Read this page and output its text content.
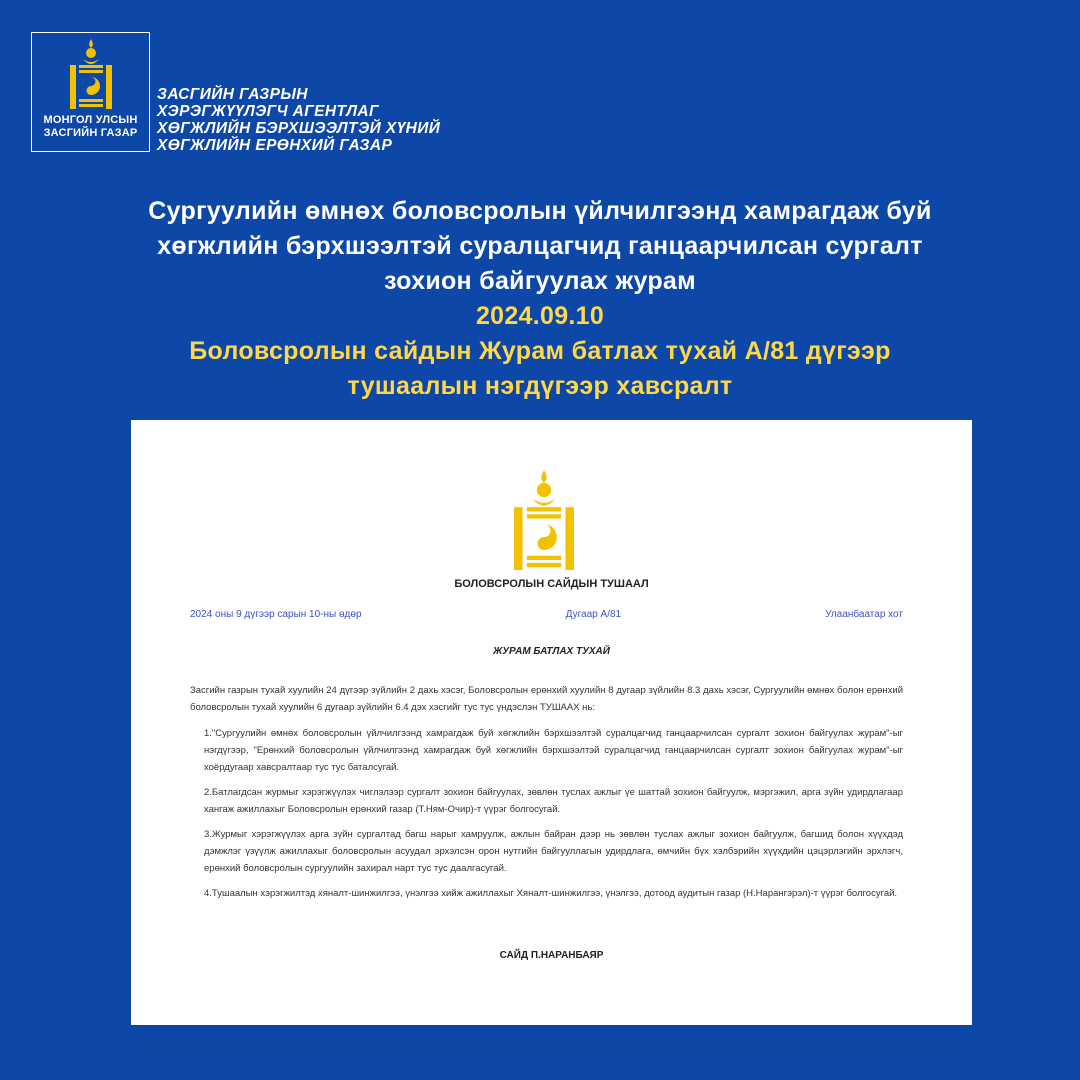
МОНГОЛ УЛСЫН
ЗАСГИЙН ГАЗАР
ЗАСГИЙН ГАЗРЫН
ХЭРЭГЖҮҮЛЭГЧ АГЕНТЛАГ
ХӨГЖЛИЙН БЭРХШЭЭЛТЭЙ ХҮНИЙ
ХӨГЖЛИЙН ЕРӨНХИЙ ГАЗАР
Сургуулийн өмнөх боловсролын үйлчилгээнд хамрагдаж буй
хөгжлийн бэрхшээлтэй суралцагчид ганцаарчилсан сургалт
зохион байгуулах журам
2024.09.10
Боловсролын сайдын Журам батлах тухай А/81 дүгээр
тушаалын нэгдүгээр хавсралт
БОЛОВСРОЛЫН САЙДЫН ТУШААЛ
2024 оны 9 дүгээр сарын 10-ны өдөр	Дугаар А/81	Улаанбаатар хот
ЖУРАМ БАТЛАХ ТУХАЙ

Засгийн газрын тухай хуулийн 24 дүгээр зүйлийн 2 дахь хэсэг, Боловсролын ерөнхий хуулийн 8 дугаар зүйлийн 8.3 дахь хэсэг, Сургуулийн өмнөх болон ерөнхий боловсролын тухай хуулийн 6 дугаар зүйлийн 6.4 дэх хэсгийг тус тус үндэслэн ТУШААХ нь:

1."Сургуулийн өмнөх боловсролын үйлчилгээнд хамрагдаж буй хөгжлийн бэрхшээлтэй суралцагчид ганцаарчилсан сургалт зохион байгуулах журам"-ыг нэгдүгээр, "Ерөнхий боловсролын үйлчилгээнд хамрагдаж буй хөгжлийн бэрхшээлтэй суралцагчид ганцаарчилсан сургалт зохион байгуулах журам"-ыг хоёрдугаар хавсралтаар тус тус баталсугай.

2.Батлагдсан журмыг хэрэгжүүлэх чиглэлээр сургалт зохион байгуулах, зөвлөн туслах ажлыг үе шаттай зохион байгуулж, мэргэжил, арга зүйн удирдлагаар хангаж ажиллахыг Боловсролын ерөнхий газар (Т.Ням-Очир)-т үүрэг болгосугай.

3.Журмыг хэрэгжүүлэх арга зүйн сургалтад багш нарыг хамруулж, ажлын байран дээр нь зөвлөн туслах ажлыг зохион байгуулж, багшид болон хүүхдэд дэмжлэг үзүүлж ажиллахыг боловсролын асуудал эрхэлсэн орон нутгийн байгууллагын удирдлага, өмчийн бүх хэлбэрийн хүүхдийн цэцэрлэгийн эрхлэгч, ерөнхий боловсролын сургуулийн захирал нарт тус тус даалгасугай.

4.Тушаалын хэрэгжилтэд хяналт-шинжилгээ, үнэлгээ хийж ажиллахыг Хяналт-шинжилгээ, үнэлгээ, дотоод аудитын газар (Н.Нарангэрэл)-т үүрэг болгосугай.

САЙД П.НАРАНБАЯР
